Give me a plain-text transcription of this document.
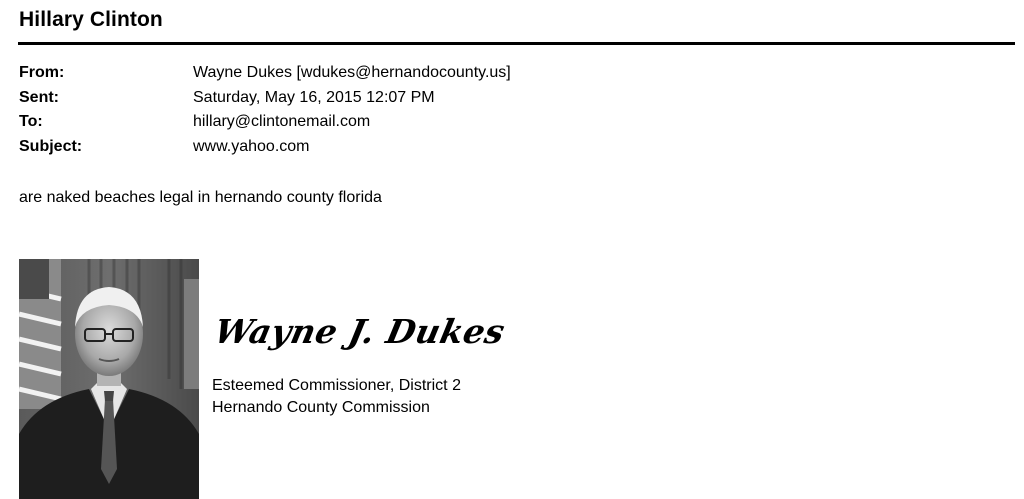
Hillary Clinton
From:	Wayne Dukes [wdukes@hernandocounty.us]
Sent:	Saturday, May 16, 2015 12:07 PM
To:	hillary@clintonemail.com
Subject:	www.yahoo.com
are naked beaches legal in hernando county florida
Wayne J. Dukes
Esteemed Commissioner, District 2
Hernando County Commission
